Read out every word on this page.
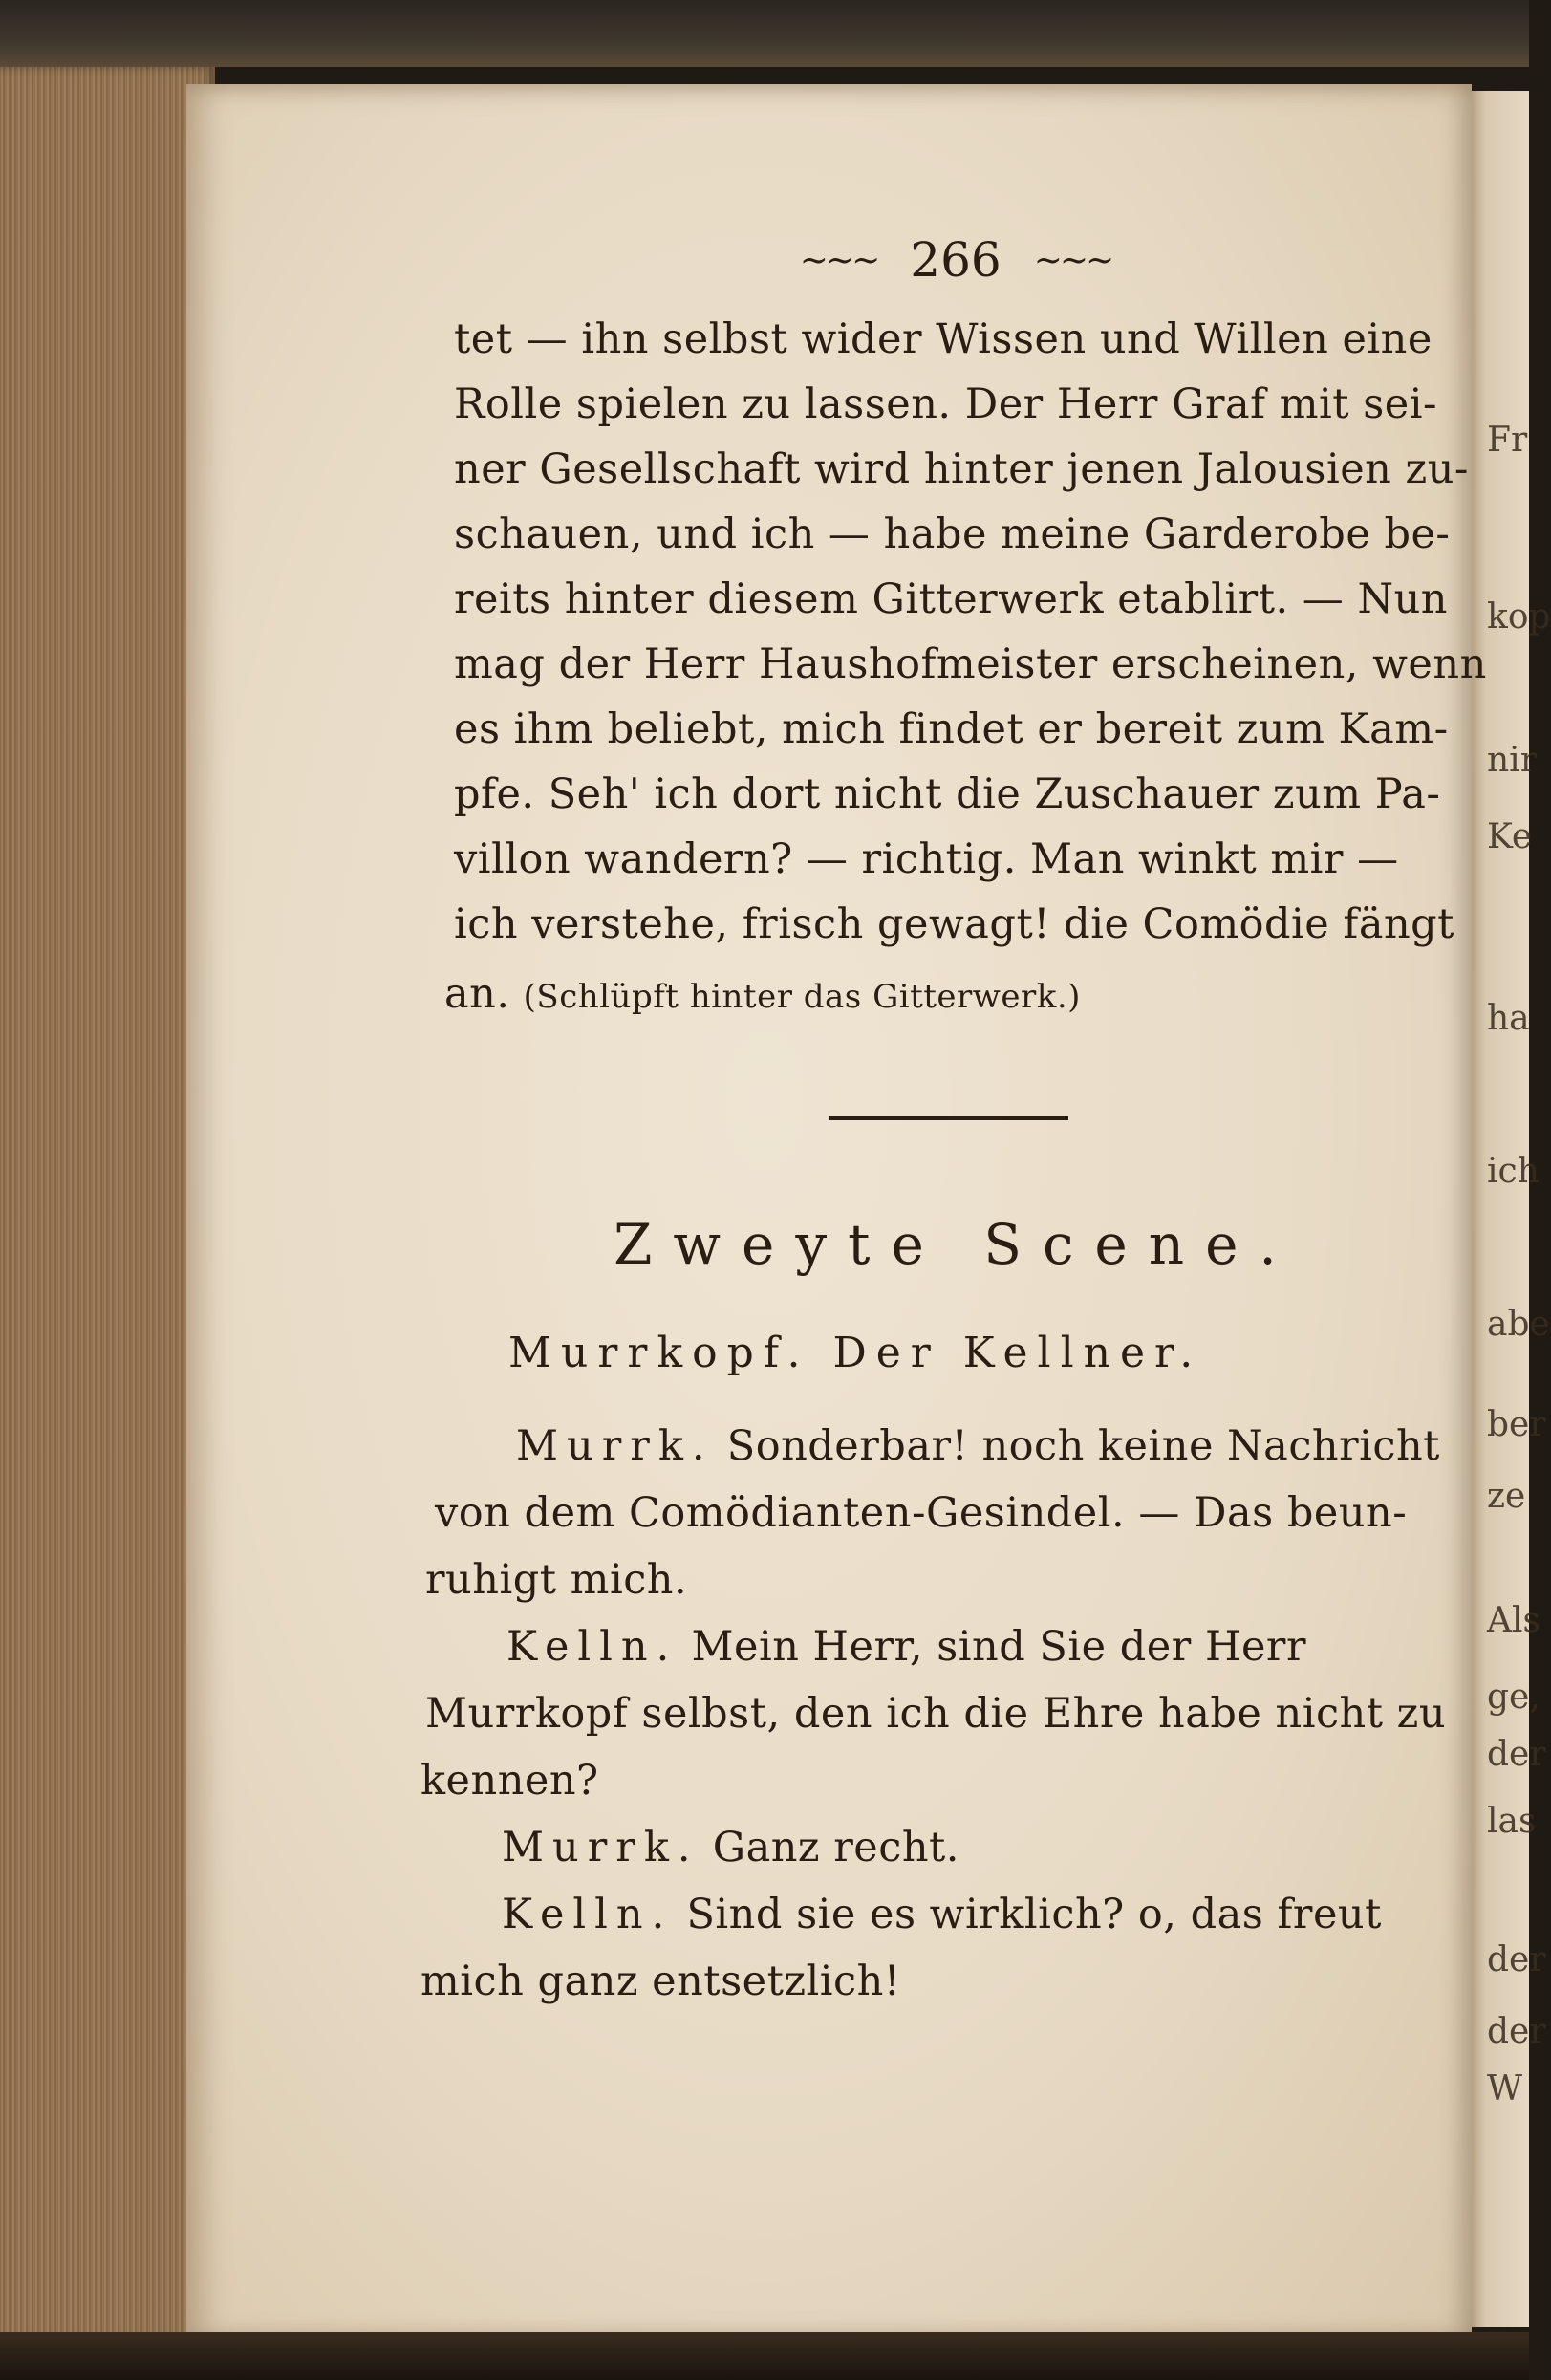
Fr
kop
nir
Ke
ha
ich
abe
ber
ze
Als
ge,
der
las
der
der
W
~~~ 266 ~~~
tet — ihn selbst wider Wissen und Willen eine
Rolle spielen zu lassen. Der Herr Graf mit sei-
ner Gesellschaft wird hinter jenen Jalousien zu-
schauen, und ich — habe meine Garderobe be-
reits hinter diesem Gitterwerk etablirt. — Nun
mag der Herr Haushofmeister erscheinen, wenn
es ihm beliebt, mich findet er bereit zum Kam-
pfe. Seh' ich dort nicht die Zuschauer zum Pa-
villon wandern? — richtig. Man winkt mir —
ich verstehe, frisch gewagt! die Comödie fängt
an. (Schlüpft hinter das Gitterwerk.)
Zweyte Scene.
Murrkopf. Der Kellner.
Murrk. Sonderbar! noch keine Nachricht
von dem Comödianten-Gesindel. — Das beun-
ruhigt mich.
Kelln. Mein Herr, sind Sie der Herr
Murrkopf selbst, den ich die Ehre habe nicht zu
kennen?
Murrk. Ganz recht.
Kelln. Sind sie es wirklich? o, das freut
mich ganz entsetzlich!
